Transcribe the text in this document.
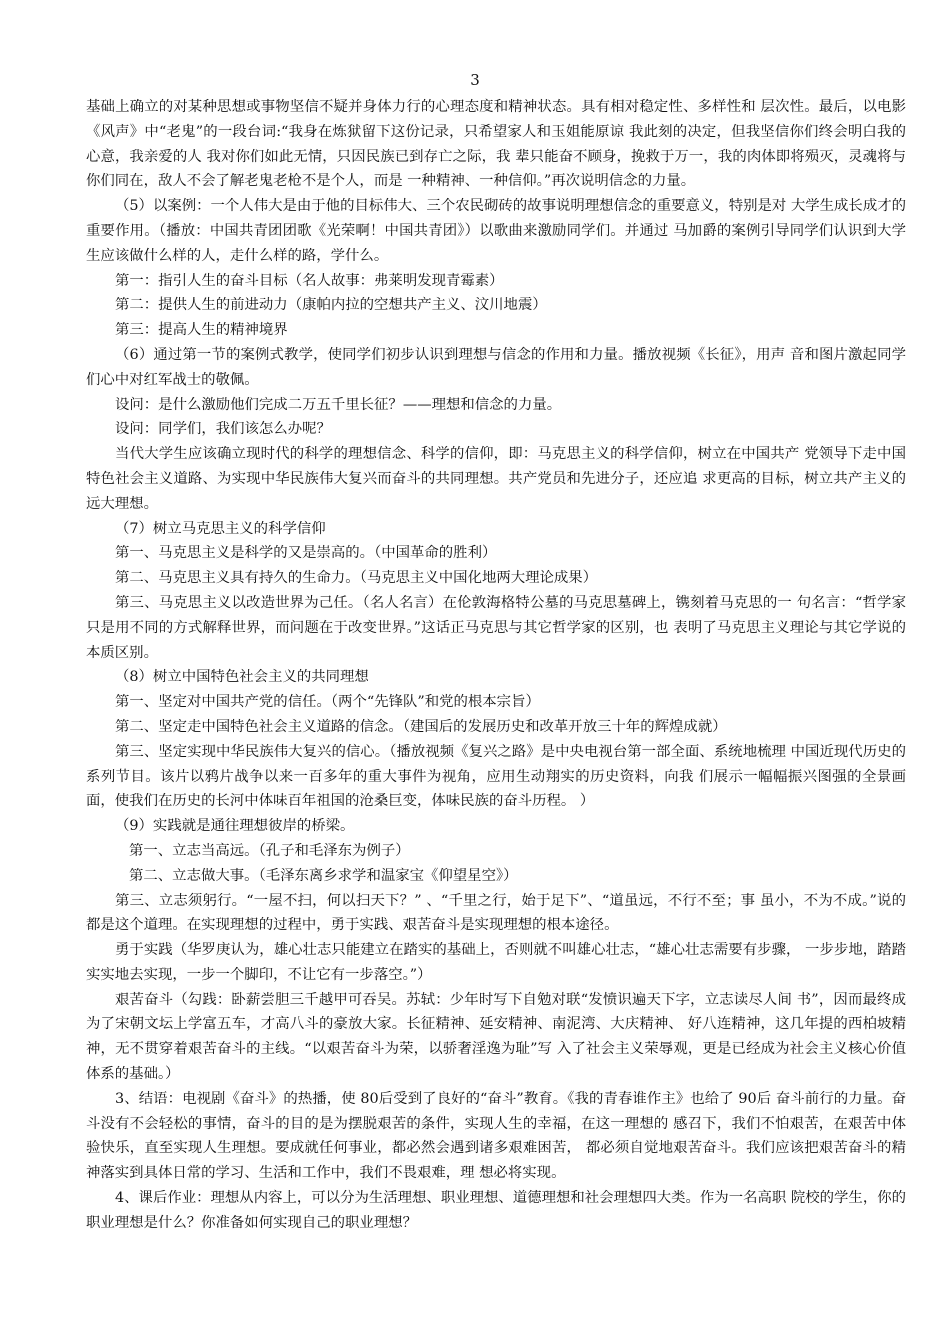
3

基础上确立的对某种思想或事物坚信不疑并身体力行的心理态度和精神状态。具有相对稳定性、多样性和 层次性。最后，以电影《风声》中“老鬼”的一段台词:“我身在炼狱留下这份记录，只希望家人和玉姐能原谅 我此刻的决定，但我坚信你们终会明白我的心意，我亲爱的人 我对你们如此无情，只因民族已到存亡之际，我 辈只能奋不顾身，挽救于万一，我的肉体即将殒灭，灵魂将与你们同在，敌人不会了解老鬼老枪不是个人，而是 一种精神、一种信仰。”再次说明信念的力量。

（5）以案例：一个人伟大是由于他的目标伟大、三个农民砌砖的故事说明理想信念的重要意义，特别是对 大学生成长成才的重要作用。（播放：中国共青团团歌《光荣啊！中国共青团》）以歌曲来激励同学们。并通过 马加爵的案例引导同学们认识到大学生应该做什么样的人，走什么样的路，学什么。

第一：指引人生的奋斗目标（名人故事：弗莱明发现青霉素）

第二：提供人生的前进动力（康帕内拉的空想共产主义、汶川地震）

第三：提高人生的精神境界

（6）通过第一节的案例式教学，使同学们初步认识到理想与信念的作用和力量。播放视频《长征》，用声 音和图片激起同学们心中对红军战士的敬佩。

设问：是什么激励他们完成二万五千里长征？——理想和信念的力量。

设问：同学们，我们该怎么办呢？

当代大学生应该确立现时代的科学的理想信念、科学的信仰，即：马克思主义的科学信仰，树立在中国共产 党领导下走中国特色社会主义道路、为实现中华民族伟大复兴而奋斗的共同理想。共产党员和先进分子，还应追 求更高的目标，树立共产主义的远大理想。

（7）树立马克思主义的科学信仰

第一、马克思主义是科学的又是崇高的。（中国革命的胜利）

第二、马克思主义具有持久的生命力。（马克思主义中国化地两大理论成果）

第三、马克思主义以改造世界为己任。（名人名言）在伦敦海格特公墓的马克思墓碑上，镌刻着马克思的一 句名言：“哲学家只是用不同的方式解释世界，而问题在于改变世界。”这话正马克思与其它哲学家的区别，也 表明了马克思主义理论与其它学说的本质区别。

（8）树立中国特色社会主义的共同理想

第一、坚定对中国共产党的信任。（两个“先锋队”和党的根本宗旨）

第二、坚定走中国特色社会主义道路的信念。（建国后的发展历史和改革开放三十年的辉煌成就）

第三、坚定实现中华民族伟大复兴的信心。（播放视频《复兴之路》是中央电视台第一部全面、系统地梳理 中国近现代历史的系列节目。该片以鸦片战争以来一百多年的重大事件为视角，应用生动翔实的历史资料，向我 们展示一幅幅振兴图强的全景画面，使我们在历史的长河中体味百年祖国的沧桑巨变，体味民族的奋斗历程。 ）

（9）实践就是通往理想彼岸的桥梁。

第一、立志当高远。（孔子和毛泽东为例子）

第二、立志做大事。（毛泽东离乡求学和温家宝《仰望星空》）

第三、立志须躬行。“一屋不扫，何以扫天下？” 、“千里之行，始于足下”、“道虽远，不行不至；事 虽小，不为不成。”说的都是这个道理。在实现理想的过程中，勇于实践、艰苦奋斗是实现理想的根本途径。

勇于实践（华罗庚认为，雄心壮志只能建立在踏实的基础上，否则就不叫雄心壮志，“雄心壮志需要有步骤， 一步步地，踏踏实实地去实现，一步一个脚印，不让它有一步落空。”）

艰苦奋斗（勾践：卧薪尝胆三千越甲可吞吴。苏轼：少年时写下自勉对联“发愤识遍天下字，立志读尽人间 书”，因而最终成为了宋朝文坛上学富五车，才高八斗的豪放大家。长征精神、延安精神、南泥湾、大庆精神、 好八连精神，这几年提的西柏坡精神，无不贯穿着艰苦奋斗的主线。“以艰苦奋斗为荣，以骄奢淫逸为耻”写 入了社会主义荣辱观，更是已经成为社会主义核心价值体系的基础。）

3、结语：电视剧《奋斗》的热播，使 80后受到了良好的“奋斗”教育。《我的青春谁作主》也给了 90后 奋斗前行的力量。奋斗没有不会轻松的事情，奋斗的目的是为摆脱艰苦的条件，实现人生的幸福，在这一理想的 感召下，我们不怕艰苦，在艰苦中体验快乐，直至实现人生理想。要成就任何事业，都必然会遇到诸多艰难困苦， 都必须自觉地艰苦奋斗。我们应该把艰苦奋斗的精神落实到具体日常的学习、生活和工作中，我们不畏艰难，理 想必将实现。

4、课后作业：理想从内容上，可以分为生活理想、职业理想、道德理想和社会理想四大类。作为一名高职 院校的学生，你的职业理想是什么？你准备如何实现自己的职业理想？
